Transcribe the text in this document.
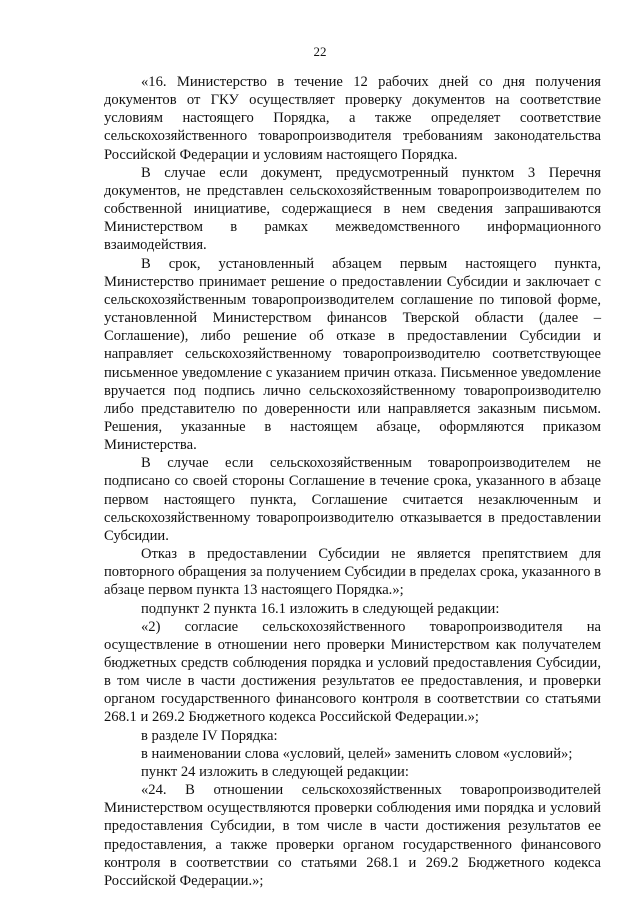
22

«16. Министерство в течение 12 рабочих дней со дня получения документов от ГКУ осуществляет проверку документов на соответствие условиям настоящего Порядка, а также определяет соответствие сельскохозяйственного товаропроизводителя требованиям законодательства Российской Федерации и условиям настоящего Порядка.

В случае если документ, предусмотренный пунктом 3 Перечня документов, не представлен сельскохозяйственным товаропроизводителем по собственной инициативе, содержащиеся в нем сведения запрашиваются Министерством в рамках межведомственного информационного взаимодействия.

В срок, установленный абзацем первым настоящего пункта, Министерство принимает решение о предоставлении Субсидии и заключает с сельскохозяйственным товаропроизводителем соглашение по типовой форме, установленной Министерством финансов Тверской области (далее – Соглашение), либо решение об отказе в предоставлении Субсидии и направляет сельскохозяйственному товаропроизводителю соответствующее письменное уведомление с указанием причин отказа. Письменное уведомление вручается под подпись лично сельскохозяйственному товаропроизводителю либо представителю по доверенности или направляется заказным письмом. Решения, указанные в настоящем абзаце, оформляются приказом Министерства.

В случае если сельскохозяйственным товаропроизводителем не подписано со своей стороны Соглашение в течение срока, указанного в абзаце первом настоящего пункта, Соглашение считается незаключенным и сельскохозяйственному товаропроизводителю отказывается в предоставлении Субсидии.

Отказ в предоставлении Субсидии не является препятствием для повторного обращения за получением Субсидии в пределах срока, указанного в абзаце первом пункта 13 настоящего Порядка.»;

подпункт 2 пункта 16.1 изложить в следующей редакции:

«2) согласие сельскохозяйственного товаропроизводителя на осуществление в отношении него проверки Министерством как получателем бюджетных средств соблюдения порядка и условий предоставления Субсидии, в том числе в части достижения результатов ее предоставления, и проверки органом государственного финансового контроля в соответствии со статьями 268.1 и 269.2 Бюджетного кодекса Российской Федерации.»;

в разделе IV Порядка:

в наименовании слова «условий, целей» заменить словом «условий»;

пункт 24 изложить в следующей редакции:

«24. В отношении сельскохозяйственных товаропроизводителей Министерством осуществляются проверки соблюдения ими порядка и условий предоставления Субсидии, в том числе в части достижения результатов ее предоставления, а также проверки органом государственного финансового контроля в соответствии со статьями 268.1 и 269.2 Бюджетного кодекса Российской Федерации.»;
